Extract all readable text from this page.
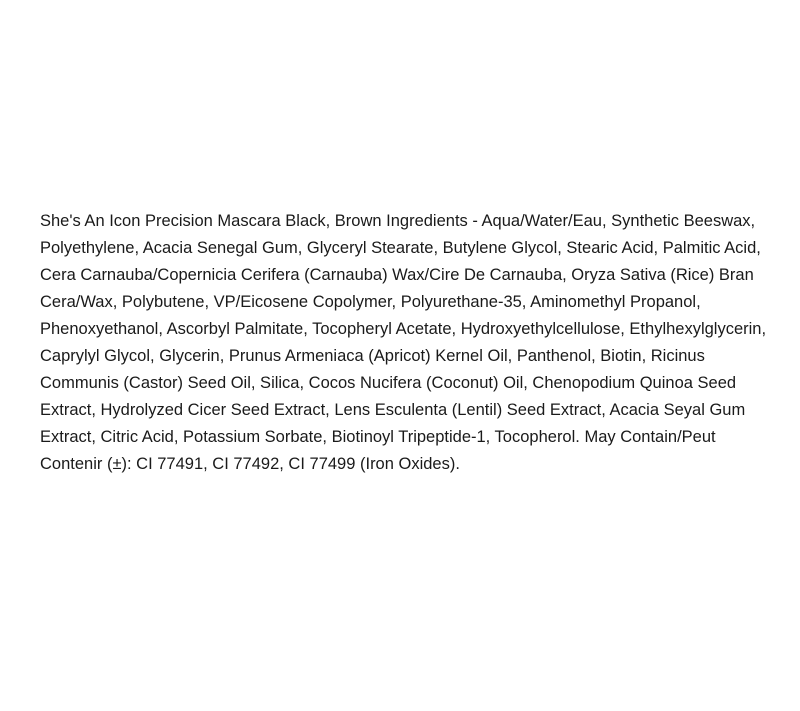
She's An Icon Precision Mascara Black, Brown Ingredients - Aqua/Water/Eau, Synthetic Beeswax, Polyethylene, Acacia Senegal Gum, Glyceryl Stearate, Butylene Glycol, Stearic Acid, Palmitic Acid, Cera Carnauba/Copernicia Cerifera (Carnauba) Wax/Cire De Carnauba, Oryza Sativa (Rice) Bran Cera/Wax, Polybutene, VP/Eicosene Copolymer, Polyurethane-35, Aminomethyl Propanol, Phenoxyethanol, Ascorbyl Palmitate, Tocopheryl Acetate, Hydroxyethylcellulose, Ethylhexylglycerin, Caprylyl Glycol, Glycerin, Prunus Armeniaca (Apricot) Kernel Oil, Panthenol, Biotin, Ricinus Communis (Castor) Seed Oil, Silica, Cocos Nucifera (Coconut) Oil, Chenopodium Quinoa Seed Extract, Hydrolyzed Cicer Seed Extract, Lens Esculenta (Lentil) Seed Extract, Acacia Seyal Gum Extract, Citric Acid, Potassium Sorbate, Biotinoyl Tripeptide-1, Tocopherol. May Contain/Peut Contenir (±): CI 77491, CI 77492, CI 77499 (Iron Oxides).
